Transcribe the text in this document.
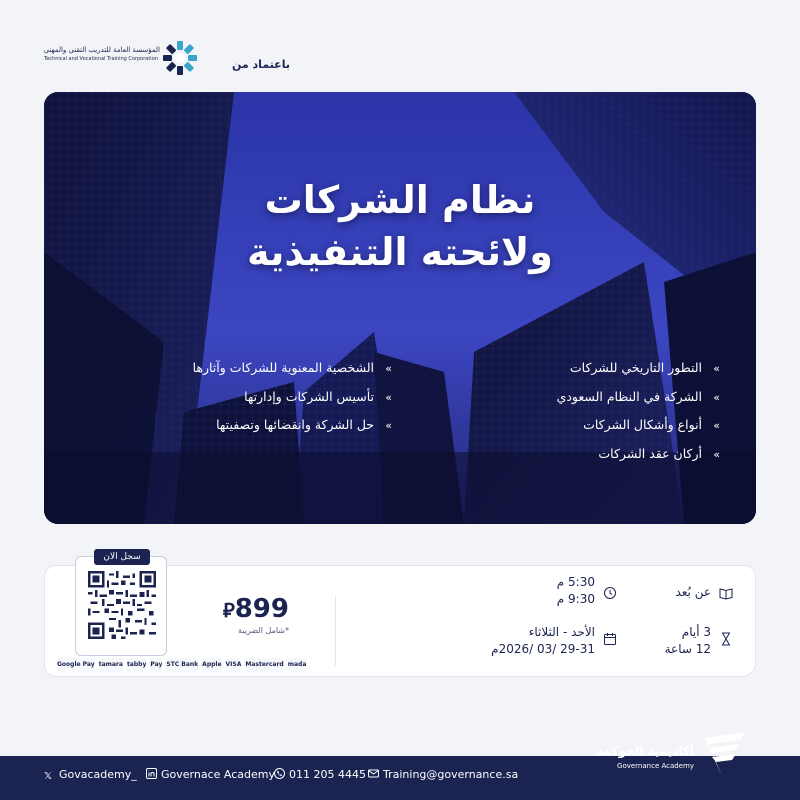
باعتماد من
المؤسسة العامة للتدريب التقني والمهني
Technical and Vocational Training Corporation
نظام الشركات
ولائحته التنفيذية
» التطور التاريخي للشركات
» الشركة في النظام السعودي
» أنواع وأشكال الشركات
» أركان عقد الشركات
» الشخصية المعنوية للشركات وآثارها
» تأسيس الشركات وإدارتها
» حل الشركة وانقضائها وتصفيتها
سجل الان
⃁899
*شامل الضريبة
Google Pay tamara tabby Pay STC Bank Apple VISA Mastercard mada
عن بُعد
5:30 م
9:30 م
3 أيام
12 ساعة
الأحد - الثلاثاء
29-31 /03 /2026م
𝕏 Govacademy_	Governace Academy	011 205 4445	Training@governance.sa
أكاديمية الحوكمة
Governance Academy
